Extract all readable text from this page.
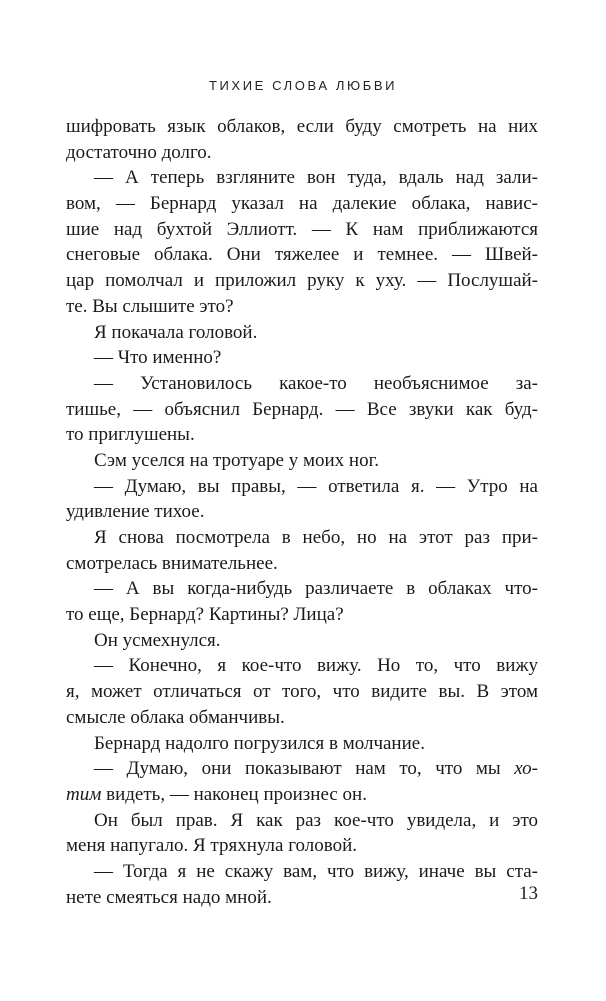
ТИХИЕ СЛОВА ЛЮБВИ
шифровать язык облаков, если буду смотреть на них
достаточно долго.
— А теперь взгляните вон туда, вдаль над зали-
вом, — Бернард указал на далекие облака, навис-
шие над бухтой Эллиотт. — К нам приближаются
снеговые облака. Они тяжелее и темнее. — Швей-
цар помолчал и приложил руку к уху. — Послушай-
те. Вы слышите это?
Я покачала головой.
— Что именно?
— Установилось какое-то необъяснимое за-
тишье, — объяснил Бернард. — Все звуки как буд-
то приглушены.
Сэм уселся на тротуаре у моих ног.
— Думаю, вы правы, — ответила я. — Утро на
удивление тихое.
Я снова посмотрела в небо, но на этот раз при-
смотрелась внимательнее.
— А вы когда-нибудь различаете в облаках что-
то еще, Бернард? Картины? Лица?
Он усмехнулся.
— Конечно, я кое-что вижу. Но то, что вижу
я, может отличаться от того, что видите вы. В этом
смысле облака обманчивы.
Бернард надолго погрузился в молчание.
— Думаю, они показывают нам то, что мы хо-
тим видеть, — наконец произнес он.
Он был прав. Я как раз кое-что увидела, и это
меня напугало. Я тряхнула головой.
— Тогда я не скажу вам, что вижу, иначе вы ста-
нете смеяться надо мной.	13
